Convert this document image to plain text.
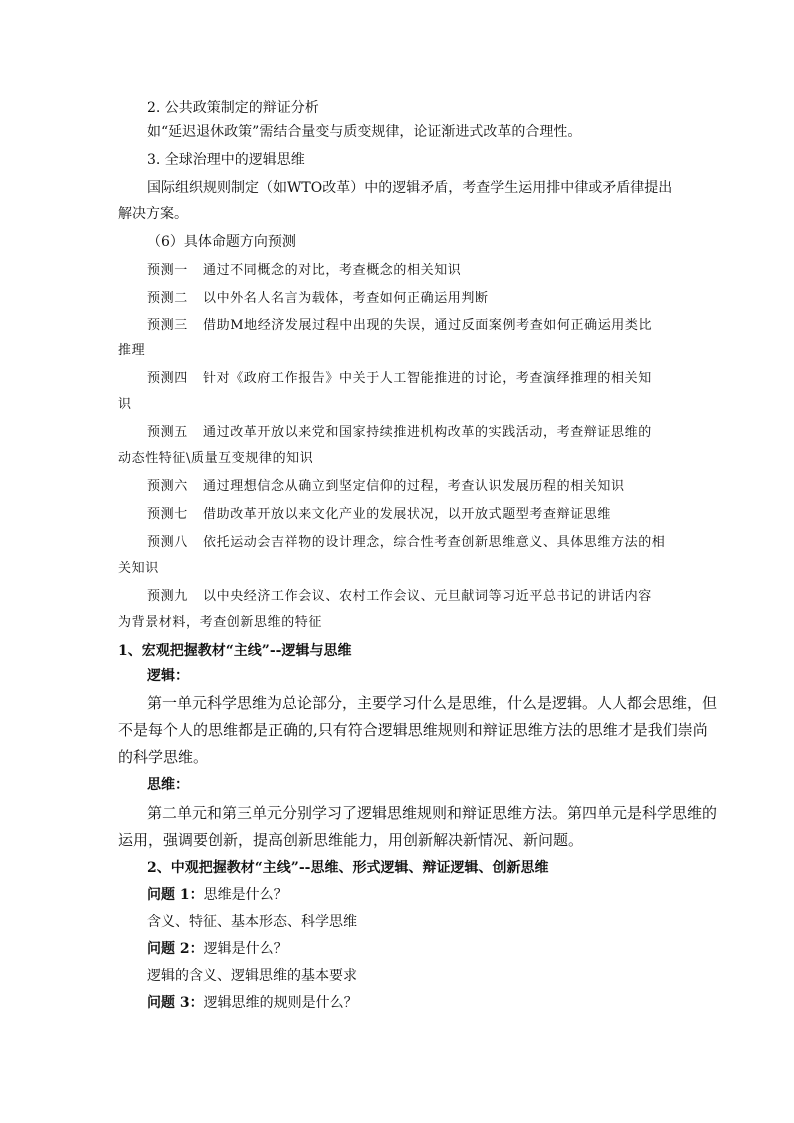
2. 公共政策制定的辩证分析
如“延迟退休政策”需结合量变与质变规律，论证渐进式改革的合理性。
3. 全球治理中的逻辑思维
国际组织规则制定（如WTO改革）中的逻辑矛盾，考查学生运用排中律或矛盾律提出
解决方案。
（6）具体命题方向预测
预测一 通过不同概念的对比，考查概念的相关知识
预测二 以中外名人名言为载体，考查如何正确运用判断
预测三 借助M地经济发展过程中出现的失误，通过反面案例考查如何正确运用类比
推理
预测四 针对《政府工作报告》中关于人工智能推进的讨论，考查演绎推理的相关知
识
预测五 通过改革开放以来党和国家持续推进机构改革的实践活动，考查辩证思维的
动态性特征\质量互变规律的知识
预测六 通过理想信念从确立到坚定信仰的过程，考查认识发展历程的相关知识
预测七 借助改革开放以来文化产业的发展状况，以开放式题型考查辩证思维
预测八 依托运动会吉祥物的设计理念，综合性考查创新思维意义、具体思维方法的相
关知识
预测九 以中央经济工作会议、农村工作会议、元旦献词等习近平总书记的讲话内容
为背景材料，考查创新思维的特征
1、宏观把握教材“主线”--逻辑与思维
逻辑：
第一单元科学思维为总论部分，主要学习什么是思维，什么是逻辑。人人都会思维，但
不是每个人的思维都是正确的,只有符合逻辑思维规则和辩证思维方法的思维才是我们崇尚
的科学思维。
思维：
第二单元和第三单元分别学习了逻辑思维规则和辩证思维方法。第四单元是科学思维的
运用，强调要创新，提高创新思维能力，用创新解决新情况、新问题。
2、中观把握教材“主线”--思维、形式逻辑、辩证逻辑、创新思维
问题 1：思维是什么？
含义、特征、基本形态、科学思维
问题 2：逻辑是什么？
逻辑的含义、逻辑思维的基本要求
问题 3：逻辑思维的规则是什么？
